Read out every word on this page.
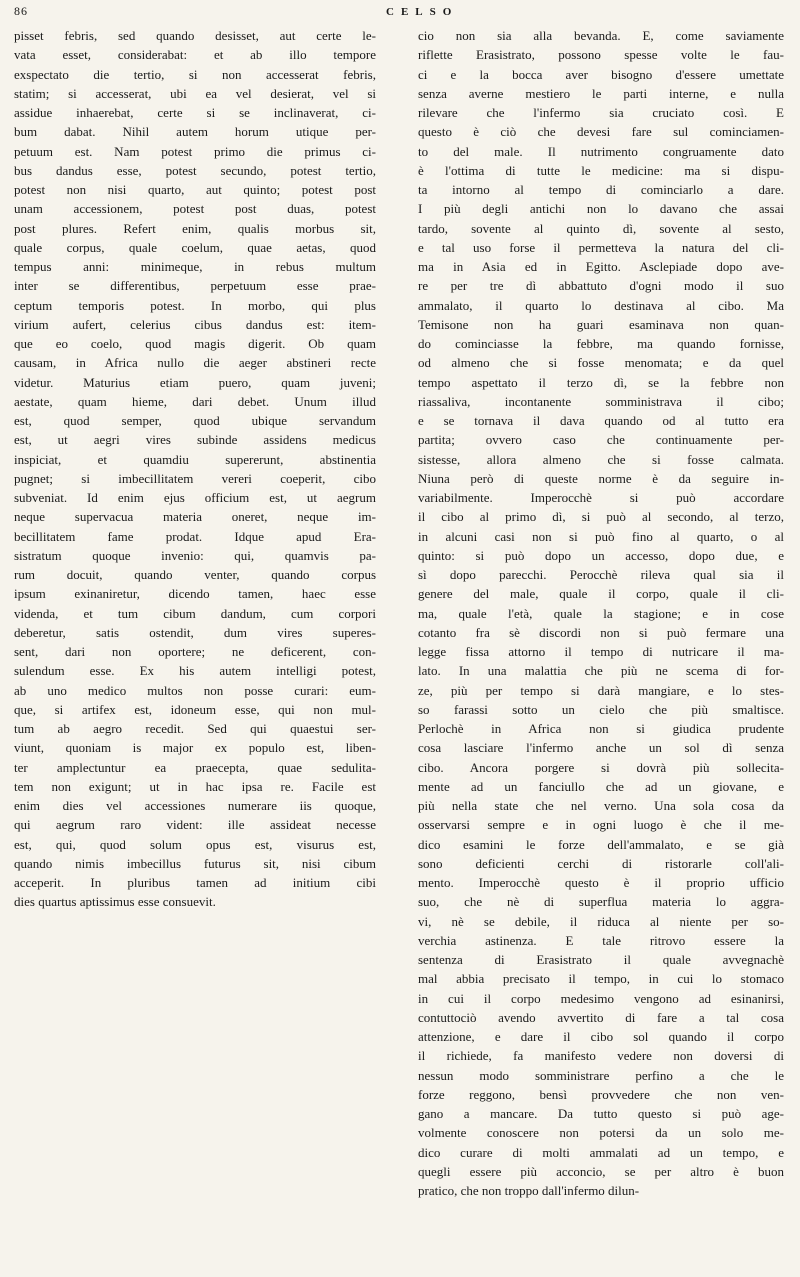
86	CELSO
pisset febris, sed quando desisset, aut certe le-
vata esset, considerabat: et ab illo tempore
exspectato die tertio, si non accesserat febris,
statim; si accesserat, ubi ea vel desierat, vel si
assidue inhaerebat, certe si se inclinaverat, ci-
bum dabat. Nihil autem horum utique per-
petuum est. Nam potest primo die primus ci-
bus dandus esse, potest secundo, potest tertio,
potest non nisi quarto, aut quinto; potest post
unam accessionem, potest post duas, potest
post plures. Refert enim, qualis morbus sit,
quale corpus, quale coelum, quae aetas, quod
tempus anni: minimeque, in rebus multum
inter se differentibus, perpetuum esse prae-
ceptum temporis potest. In morbo, qui plus
virium aufert, celerius cibus dandus est: item-
que eo coelo, quod magis digerit. Ob quam
causam, in Africa nullo die aeger abstineri recte
videtur. Maturius etiam puero, quam juveni;
aestate, quam hieme, dari debet. Unum illud
est, quod semper, quod ubique servandum
est, ut aegri vires subinde assidens medicus
inspiciat, et quamdiu supererunt, abstinentia
pugnet; si imbecillitatem vereri coeperit, cibo
subveniat. Id enim ejus officium est, ut aegrum
neque supervacua materia oneret, neque im-
becillitatem fame prodat. Idque apud Era-
sistratum quoque invenio: qui, quamvis pa-
rum docuit, quando venter, quando corpus
ipsum exinaniretur, dicendo tamen, haec esse
videnda, et tum cibum dandum, cum corpori
deberetur, satis ostendit, dum vires superes-
sent, dari non oportere; ne deficerent, con-
sulendum esse. Ex his autem intelligi potest,
ab uno medico multos non posse curari: eum-
que, si artifex est, idoneum esse, qui non mul-
tum ab aegro recedit. Sed qui quaestui ser-
viunt, quoniam is major ex populo est, liben-
ter amplectuntur ea praecepta, quae sedulita-
tem non exigunt; ut in hac ipsa re. Facile est
enim dies vel accessiones numerare iis quoque,
qui aegrum raro vident: ille assideat necesse
est, qui, quod solum opus est, visurus est,
quando nimis imbecillus futurus sit, nisi cibum
acceperit. In pluribus tamen ad initium cibi
dies quartus aptissimus esse consuevit.
cio non sia alla bevanda. E, come saviamente
riflette Erasistrato, possono spesse volte le fau-
ci e la bocca aver bisogno d'essere umettate
senza averne mestiero le parti interne, e nulla
rilevare che l'infermo sia cruciato così. E
questo è ciò che devesi fare sul cominciamen-
to del male. Il nutrimento congruamente dato
è l'ottima di tutte le medicine: ma si dispu-
ta intorno al tempo di cominciarlo a dare.
I più degli antichi non lo davano che assai
tardo, sovente al quinto dì, sovente al sesto,
e tal uso forse il permetteva la natura del cli-
ma in Asia ed in Egitto. Asclepiade dopo ave-
re per tre dì abbattuto d'ogni modo il suo
ammalato, il quarto lo destinava al cibo. Ma
Temisone non ha guari esaminava non quan-
do cominciasse la febbre, ma quando fornisse,
od almeno che si fosse menomata; e da quel
tempo aspettato il terzo dì, se la febbre non
riassaliva, incontanente somministrava il cibo;
e se tornava il dava quando od al tutto era
partita; ovvero caso che continuamente per-
sistesse, allora almeno che si fosse calmata.
Niuna però di queste norme è da seguire in-
variabilmente. Imperocchè si può accordare
il cibo al primo dì, si può al secondo, al terzo,
in alcuni casi non si può fino al quarto, o al
quinto: si può dopo un accesso, dopo due, e
sì dopo parecchi. Perocchè rileva qual sia il
genere del male, quale il corpo, quale il cli-
ma, quale l'età, quale la stagione; e in cose
cotanto fra sè discordi non si può fermare una
legge fissa attorno il tempo di nutricare il ma-
lato. In una malattia che più ne scema di for-
ze, più per tempo si darà mangiare, e lo stes-
so farassi sotto un cielo che più smaltisce.
Perlochè in Africa non si giudica prudente
cosa lasciare l'infermo anche un sol dì senza
cibo. Ancora porgere si dovrà più sollecita-
mente ad un fanciullo che ad un giovane, e
più nella state che nel verno. Una sola cosa da
osservarsi sempre e in ogni luogo è che il me-
dico esamini le forze dell'ammalato, e se già
sono deficienti cerchi di ristorarle coll'ali-
mento. Imperocchè questo è il proprio ufficio
suo, che nè di superflua materia lo aggra-
vi, nè se debile, il riduca al niente per so-
verchia astinenza. E tale ritrovo essere la
sentenza di Erasistrato il quale avvegnachè
mal abbia precisato il tempo, in cui lo stomaco
in cui il corpo medesimo vengono ad esinanirsi,
contuttociò avendo avvertito di fare a tal cosa
attenzione, e dare il cibo sol quando il corpo
il richiede, fa manifesto vedere non doversi di
nessun modo somministrare perfino a che le
forze reggono, bensì provvedere che non ven-
gano a mancare. Da tutto questo si può age-
volmente conoscere non potersi da un solo me-
dico curare di molti ammalati ad un tempo, e
quegli essere più acconcio, se per altro è buon
pratico, che non troppo dall'infermo dilun-
